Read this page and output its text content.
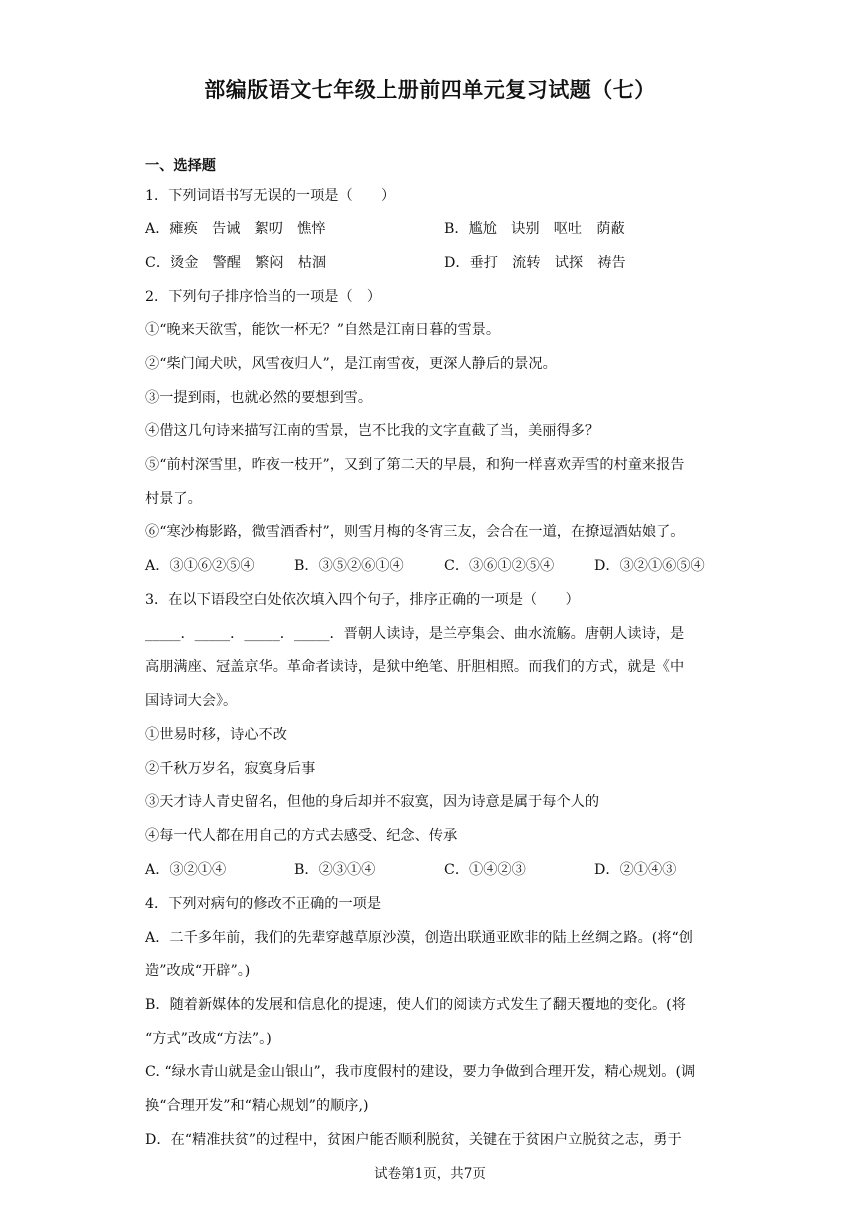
部编版语文七年级上册前四单元复习试题（七）
一、选择题
1．下列词语书写无误的一项是（　　）
A．瘫痪　告诫　絮叨　憔悴	B．尴尬　诀别　呕吐　荫蔽
C．烫金　警醒　繁闷　枯涸	D．垂打　流转　试探　祷告
2．下列句子排序恰当的一项是（　）
①“晚来天欲雪，能饮一杯无？”自然是江南日暮的雪景。
②“柴门闻犬吠，风雪夜归人”，是江南雪夜，更深人静后的景况。
③一提到雨，也就必然的要想到雪。
④借这几句诗来描写江南的雪景，岂不比我的文字直截了当，美丽得多？
⑤“前村深雪里，昨夜一枝开”，又到了第二天的早晨，和狗一样喜欢弄雪的村童来报告
村景了。
⑥“寒沙梅影路，微雪酒香村”，则雪月梅的冬宵三友，会合在一道，在撩逗酒姑娘了。
A．③①⑥②⑤④	B．③⑤②⑥①④	C．③⑥①②⑤④	D．③②①⑥⑤④
3．在以下语段空白处依次填入四个句子，排序正确的一项是（　　）
_____．_____．_____．_____．晋朝人读诗，是兰亭集会、曲水流觞。唐朝人读诗，是
高朋满座、冠盖京华。革命者读诗，是狱中绝笔、肝胆相照。而我们的方式，就是《中
国诗词大会》。
①世易时移，诗心不改
②千秋万岁名，寂寞身后事
③天才诗人青史留名，但他的身后却并不寂寞，因为诗意是属于每个人的
④每一代人都在用自己的方式去感受、纪念、传承
A．③②①④	B．②③①④	C．①④②③	D．②①④③
4．下列对病句的修改不正确的一项是
A．二千多年前，我们的先辈穿越草原沙漠，创造出联通亚欧非的陆上丝绸之路。(将“创
造”改成“开辟”。)
B．随着新媒体的发展和信息化的提速，使人们的阅读方式发生了翻天覆地的变化。(将
“方式”改成“方法”。)
C. “绿水青山就是金山银山”，我市度假村的建设，要力争做到合理开发，精心规划。(调
换“合理开发”和“精心规划”的顺序,)
D．在“精准扶贫”的过程中，贫困户能否顺利脱贫，关键在于贫困户立脱贫之志，勇于
试卷第1页，共7页
